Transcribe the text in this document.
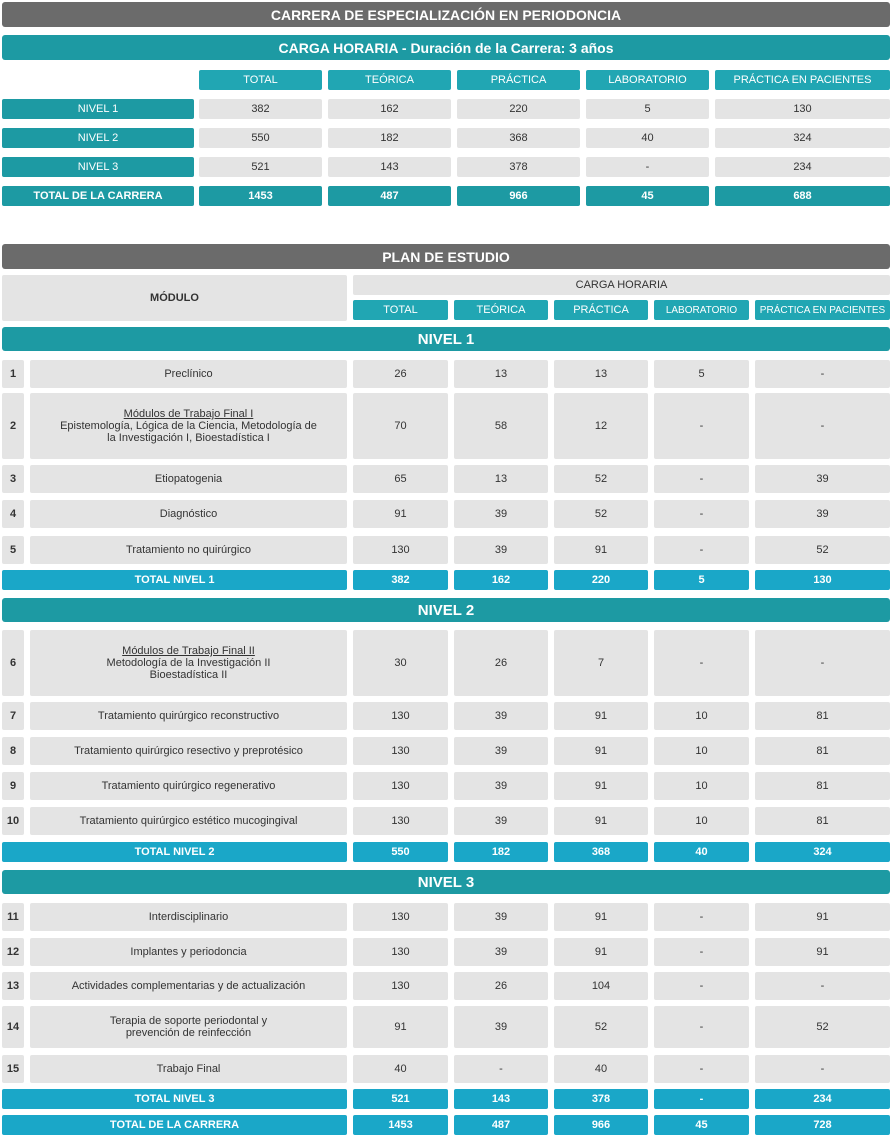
CARRERA DE ESPECIALIZACIÓN EN PERIODONCIA
CARGA HORARIA - Duración de la Carrera: 3 años
TOTAL	TEÓRICA	PRÁCTICA	LABORATORIO	PRÁCTICA EN PACIENTES
NIVEL 1	382	162	220	5	130
NIVEL 2	550	182	368	40	324
NIVEL 3	521	143	378	-	234
TOTAL DE LA CARRERA	1453	487	966	45	688
PLAN DE ESTUDIO
MÓDULO
CARGA HORARIA
TOTAL	TEÓRICA	PRÁCTICA	LABORATORIO	PRÁCTICA EN PACIENTES
NIVEL 1
1	Preclínico	26	13	13	5	-
2
Módulos de Trabajo Final I
Epistemología, Lógica de la Ciencia, Metodología de
la Investigación I, Bioestadística I
70	58	12	-	-
3	Etiopatogenia	65	13	52	-	39
4	Diagnóstico	91	39	52	-	39
5	Tratamiento no quirúrgico	130	39	91	-	52
TOTAL NIVEL 1	382	162	220	5	130
NIVEL 2
6
Módulos de Trabajo Final II
Metodología de la Investigación II
Bioestadística II
30	26	7	-	-
7	Tratamiento quirúrgico reconstructivo	130	39	91	10	81
8	Tratamiento quirúrgico resectivo y preprotésico	130	39	91	10	81
9	Tratamiento quirúrgico regenerativo	130	39	91	10	81
10	Tratamiento quirúrgico estético mucogingival	130	39	91	10	81
TOTAL NIVEL 2	550	182	368	40	324
NIVEL 3
11	Interdisciplinario	130	39	91	-	91
12	Implantes y periodoncia	130	39	91	-	91
13	Actividades complementarias y de actualización	130	26	104	-	-
14	Terapia de soporte periodontal y
prevención de reinfección	91	39	52	-	52
15	Trabajo Final	40	-	40	-	-
TOTAL NIVEL 3	521	143	378	-	234
TOTAL DE LA CARRERA	1453	487	966	45	728
